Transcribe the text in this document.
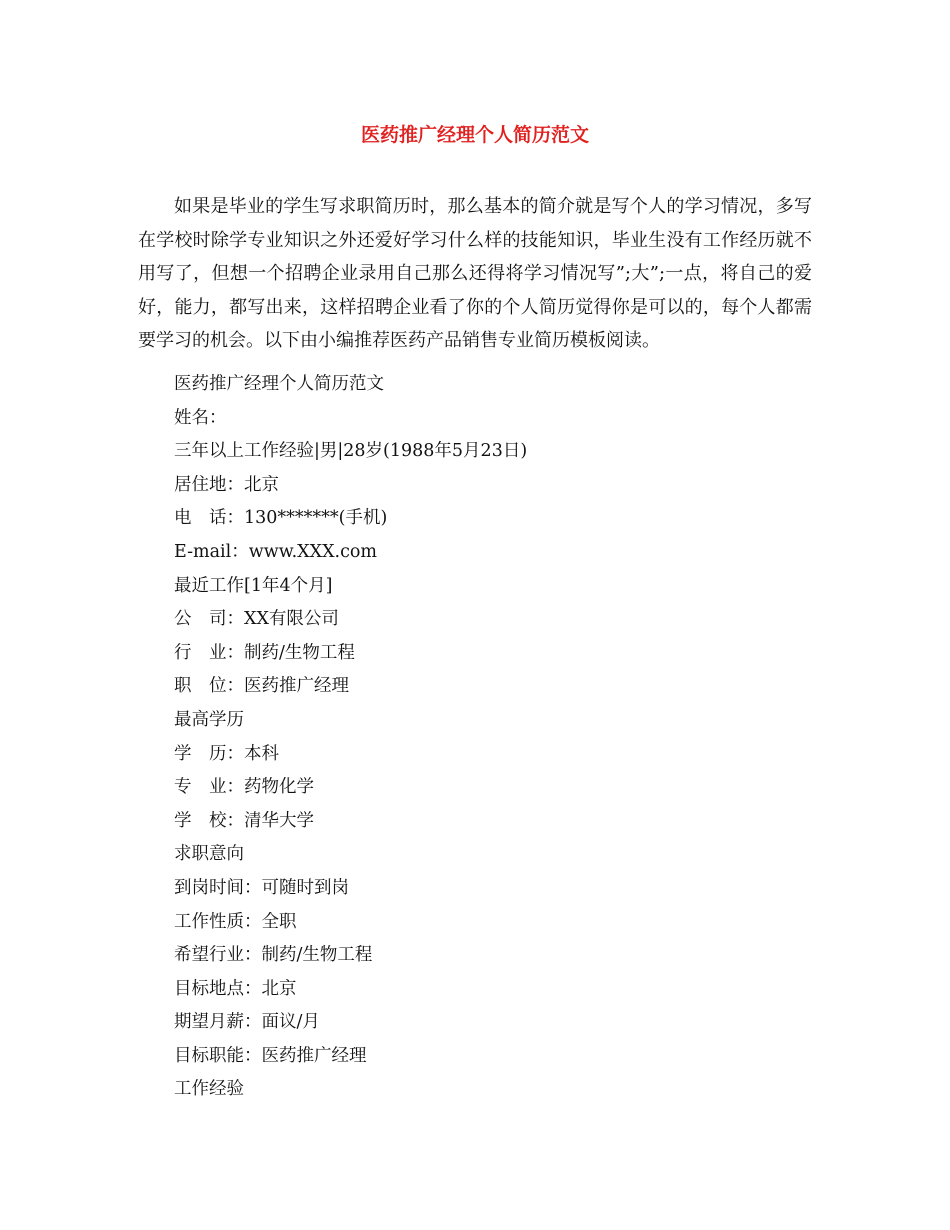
医药推广经理个人简历范文

如果是毕业的学生写求职简历时，那么基本的简介就是写个人的学习情况，多写在学校时除学专业知识之外还爱好学习什么样的技能知识，毕业生没有工作经历就不用写了，但想一个招聘企业录用自己那么还得将学习情况写”;大”;一点，将自己的爱好，能力，都写出来，这样招聘企业看了你的个人简历觉得你是可以的，每个人都需要学习的机会。以下由小编推荐医药产品销售专业简历模板阅读。

医药推广经理个人简历范文
姓名：
三年以上工作经验|男|28岁(1988年5月23日)
居住地：北京
电　话：130*******(手机)
E-mail：www.XXX.com
最近工作[1年4个月]
公　司：XX有限公司
行　业：制药/生物工程
职　位：医药推广经理
最高学历
学　历：本科
专　业：药物化学
学　校：清华大学
求职意向
到岗时间：可随时到岗
工作性质：全职
希望行业：制药/生物工程
目标地点：北京
期望月薪：面议/月
目标职能：医药推广经理
工作经验
